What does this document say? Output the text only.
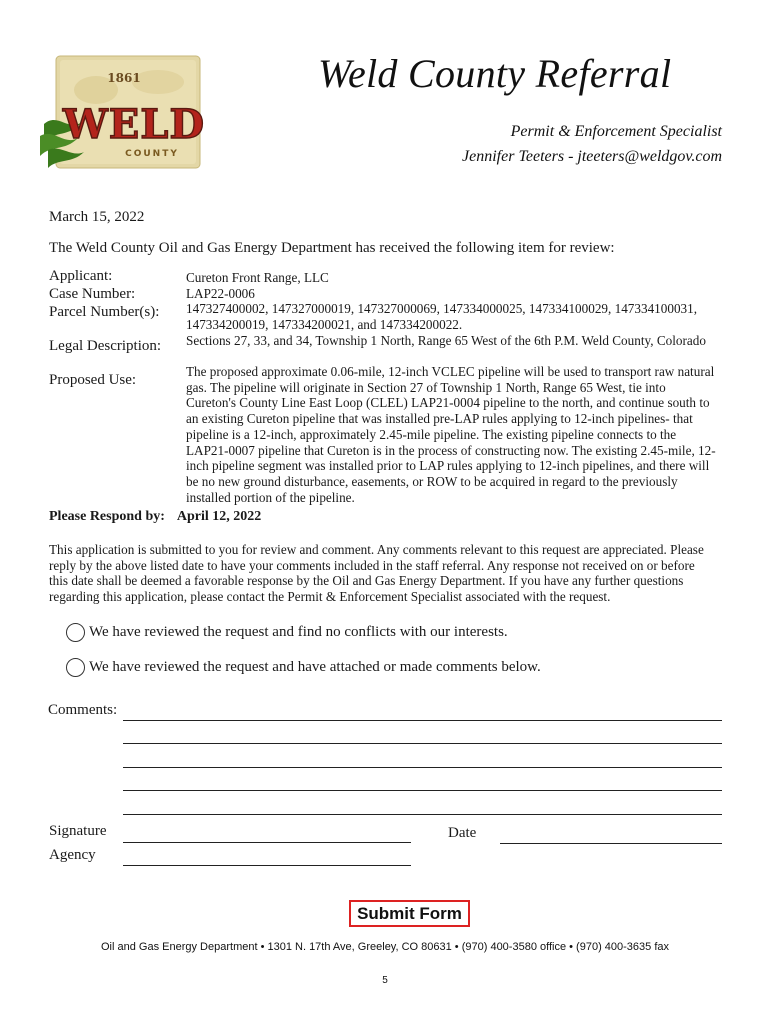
1861
WELD
COUNTY
Weld County Referral
Permit & Enforcement Specialist
Jennifer Teeters - jteeters@weldgov.com
March 15, 2022
The Weld County Oil and Gas Energy Department has received the following item for review:
Applicant:
Case Number:
Parcel Number(s):
Legal Description:
Proposed Use:
Cureton Front Range, LLC
LAP22-0006
147327400002, 147327000019, 147327000069, 147334000025, 147334100029, 147334100031, 147334200019, 147334200021, and 147334200022.
Sections 27, 33, and 34, Township 1 North, Range 65 West of the 6th P.M. Weld County, Colorado
The proposed approximate 0.06-mile, 12-inch VCLEC pipeline will be used to transport raw natural gas. The pipeline will originate in Section 27 of Township 1 North, Range 65 West, tie into Cureton's County Line East Loop (CLEL) LAP21-0004 pipeline to the north, and continue south to an existing Cureton pipeline that was installed pre-LAP rules applying to 12-inch pipelines- that pipeline is a 12-inch, approximately 2.45-mile pipeline. The existing pipeline connects to the LAP21-0007 pipeline that Cureton is in the process of constructing now. The existing 2.45-mile, 12-inch pipeline segment was installed prior to LAP rules applying to 12-inch pipelines, and there will be no new ground disturbance, easements, or ROW to be acquired in regard to the previously installed portion of the pipeline.
Please Respond by: April 12, 2022
This application is submitted to you for review and comment. Any comments relevant to this request are appreciated. Please reply by the above listed date to have your comments included in the staff referral. Any response not received on or before this date shall be deemed a favorable response by the Oil and Gas Energy Department. If you have any further questions regarding this application, please contact the Permit & Enforcement Specialist associated with the request.
We have reviewed the request and find no conflicts with our interests.
We have reviewed the request and have attached or made comments below.
Comments:
Signature
Agency
Date
Submit Form
Oil and Gas Energy Department • 1301 N. 17th Ave, Greeley, CO 80631 • (970) 400-3580 office • (970) 400-3635 fax
5
